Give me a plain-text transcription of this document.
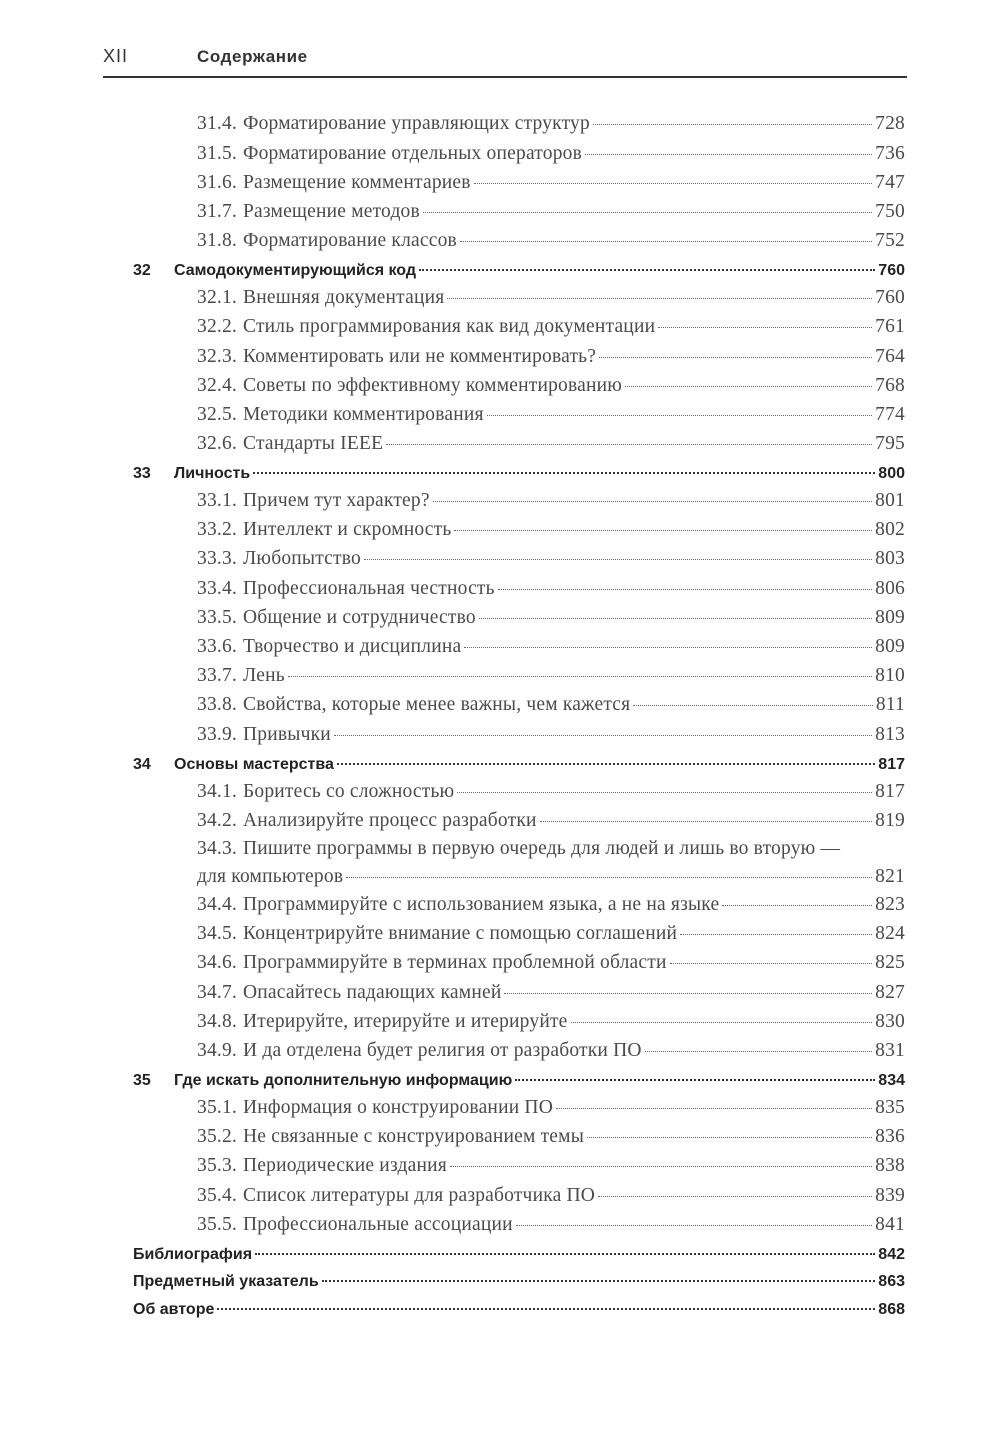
XII	Содержание
31.4. Форматирование управляющих структур	728
31.5. Форматирование отдельных операторов	736
31.6. Размещение комментариев	747
31.7. Размещение методов	750
31.8. Форматирование классов	752
32	Самодокументирующийся код	760
32.1. Внешняя документация	760
32.2. Стиль программирования как вид документации	761
32.3. Комментировать или не комментировать?	764
32.4. Советы по эффективному комментированию	768
32.5. Методики комментирования	774
32.6. Стандарты IEEE	795
33	Личность	800
33.1. Причем тут характер?	801
33.2. Интеллект и скромность	802
33.3. Любопытство	803
33.4. Профессиональная честность	806
33.5. Общение и сотрудничество	809
33.6. Творчество и дисциплина	809
33.7. Лень	810
33.8. Свойства, которые менее важны, чем кажется	811
33.9. Привычки	813
34	Основы мастерства	817
34.1. Боритесь со сложностью	817
34.2. Анализируйте процесс разработки	819
34.3. Пишите программы в первую очередь для людей и лишь во вторую —
для компьютеров	821
34.4. Программируйте с использованием языка, а не на языке	823
34.5. Концентрируйте внимание с помощью соглашений	824
34.6. Программируйте в терминах проблемной области	825
34.7. Опасайтесь падающих камней	827
34.8. Итерируйте, итерируйте и итерируйте	830
34.9. И да отделена будет религия от разработки ПО	831
35	Где искать дополнительную информацию	834
35.1. Информация о конструировании ПО	835
35.2. Не связанные с конструированием темы	836
35.3. Периодические издания	838
35.4. Список литературы для разработчика ПО	839
35.5. Профессиональные ассоциации	841
Библиография	842
Предметный указатель	863
Об авторе	868
